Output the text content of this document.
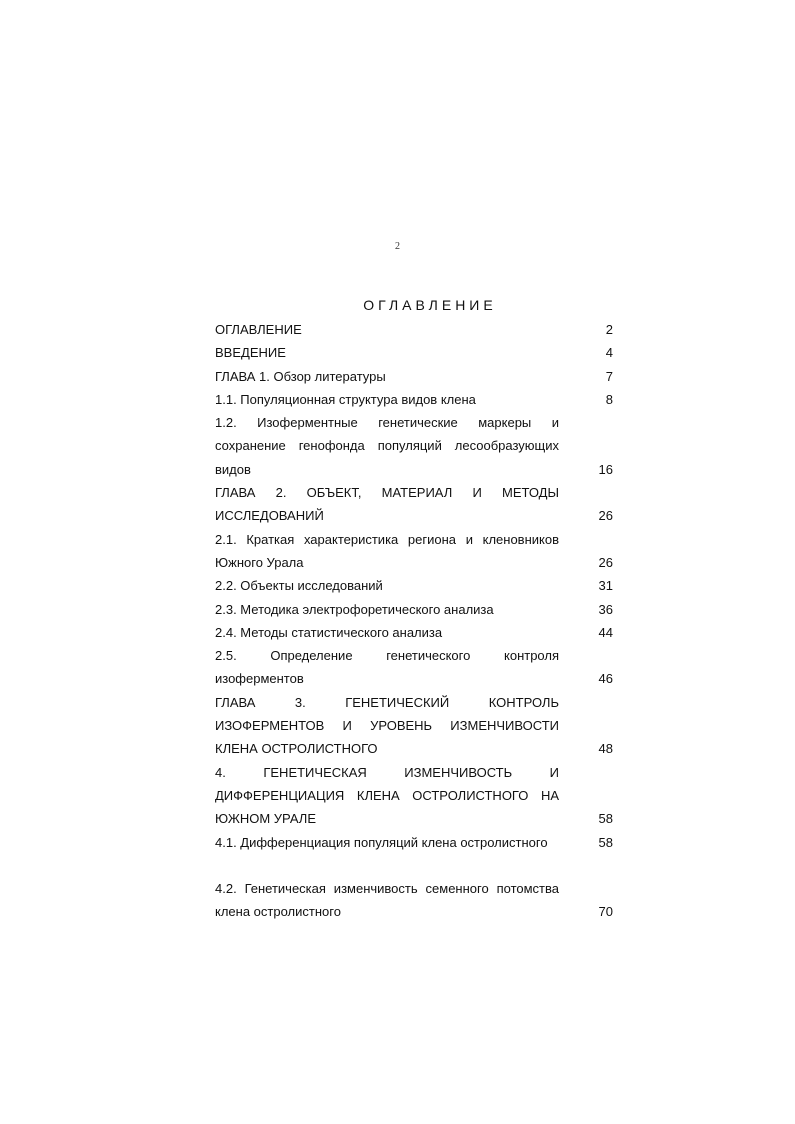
2
ОГЛАВЛЕНИЕ
ОГЛАВЛЕНИЕ	2
ВВЕДЕНИЕ	4
ГЛАВА 1. Обзор литературы	7
1.1. Популяционная структура видов клена	8
1.2. Изоферментные генетические маркеры и сохранение генофонда популяций лесообразующих видов	16
ГЛАВА 2. ОБЪЕКТ, МАТЕРИАЛ И МЕТОДЫ ИССЛЕДОВАНИЙ	26
2.1. Краткая характеристика региона и кленовников Южного Урала	26
2.2. Объекты исследований	31
2.3. Методика электрофоретического анализа	36
2.4. Методы статистического анализа	44
2.5. Определение генетического контроля изоферментов	46
ГЛАВА 3. ГЕНЕТИЧЕСКИЙ КОНТРОЛЬ ИЗОФЕРМЕНТОВ И УРОВЕНЬ ИЗМЕНЧИВОСТИ КЛЕНА ОСТРОЛИСТНОГО	48
4. ГЕНЕТИЧЕСКАЯ ИЗМЕНЧИВОСТЬ И ДИФФЕРЕНЦИАЦИЯ КЛЕНА ОСТРОЛИСТНОГО НА ЮЖНОМ УРАЛЕ	58
4.1. Дифференциация популяций клена остролистного	58
4.2. Генетическая изменчивость семенного потомства клена остролистного	70
